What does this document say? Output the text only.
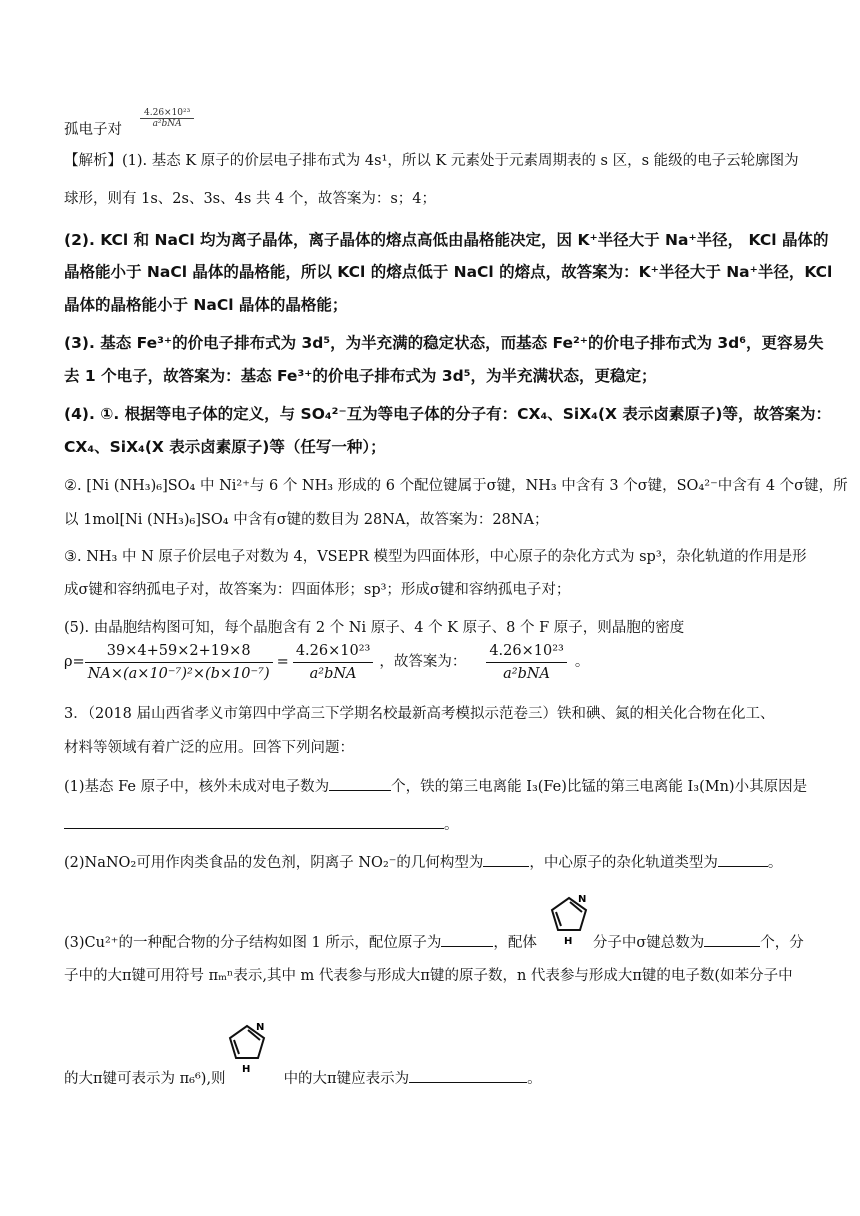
孤电子对
4.26×10²³
a²bNA
【解析】(1). 基态 K 原子的价层电子排布式为 4s¹，所以 K 元素处于元素周期表的 s 区，s 能级的电子云轮廓图为
球形，则有 1s、2s、3s、4s 共 4 个，故答案为：s；4；
(2). KCl 和 NaCl 均为离子晶体，离子晶体的熔点高低由晶格能决定，因 K⁺半径大于 Na⁺半径， KCl 晶体的
晶格能小于 NaCl 晶体的晶格能，所以 KCl 的熔点低于 NaCl 的熔点，故答案为：K⁺半径大于 Na⁺半径，KCl
晶体的晶格能小于 NaCl 晶体的晶格能；
(3). 基态 Fe³⁺的价电子排布式为 3d⁵，为半充满的稳定状态，而基态 Fe²⁺的价电子排布式为 3d⁶，更容易失
去 1 个电子，故答案为：基态 Fe³⁺的价电子排布式为 3d⁵，为半充满状态，更稳定；
(4). ①. 根据等电子体的定义，与 SO₄²⁻互为等电子体的分子有：CX₄、SiX₄(X 表示卤素原子)等，故答案为：
CX₄、SiX₄(X 表示卤素原子)等（任写一种）；
②. [Ni (NH₃)₆]SO₄ 中 Ni²⁺与 6 个 NH₃ 形成的 6 个配位键属于σ键，NH₃ 中含有 3 个σ键，SO₄²⁻中含有 4 个σ键，所
以 1mol[Ni (NH₃)₆]SO₄ 中含有σ键的数目为 28NA，故答案为：28NA；
③. NH₃ 中 N 原子价层电子对数为 4，VSEPR 模型为四面体形，中心原子的杂化方式为 sp³，杂化轨道的作用是形
成σ键和容纳孤电子对，故答案为：四面体形；sp³；形成σ键和容纳孤电子对；
(5). 由晶胞结构图可知，每个晶胞含有 2 个 Ni 原子、4 个 K 原子、8 个 F 原子，则晶胞的密度
$\rho= \frac{39\times 4+59\times 2+19\times 8}{\text{NA×(a×10⁻⁷)²×(b×10⁻⁷)}} = \frac{\text{4.26×10²³}}{\text{a²bNA}}$ ，故答案为： $\frac{\text{4.26×10²³}}{\text{a²bNA}}$ 。
3．（2018 届山西省孝义市第四中学高三下学期名校最新高考模拟示范卷三）铁和碘、氮的相关化合物在化工、
材料等领域有着广泛的应用。回答下列问题：
(1)基态 Fe 原子中，核外未成对电子数为	个，铁的第三电离能 I₃(Fe)比锰的第三电离能 I₃(Mn)小其原因是
。
(2)NaNO₂可用作肉类食品的发色剂，阴离子 NO₂⁻的几何构型为	，中心原子的杂化轨道类型为	。
N
H
(3)Cu²⁺的一种配合物的分子结构如图 1 所示，配位原子为	，配体	分子中σ键总数为	个，分
子中的大π键可用符号 πₘⁿ表示,其中 m 代表参与形成大π键的原子数，n 代表参与形成大π键的电子数(如苯分子中
N
H
的大π键可表示为 π₆⁶),则	中的大π键应表示为	。
